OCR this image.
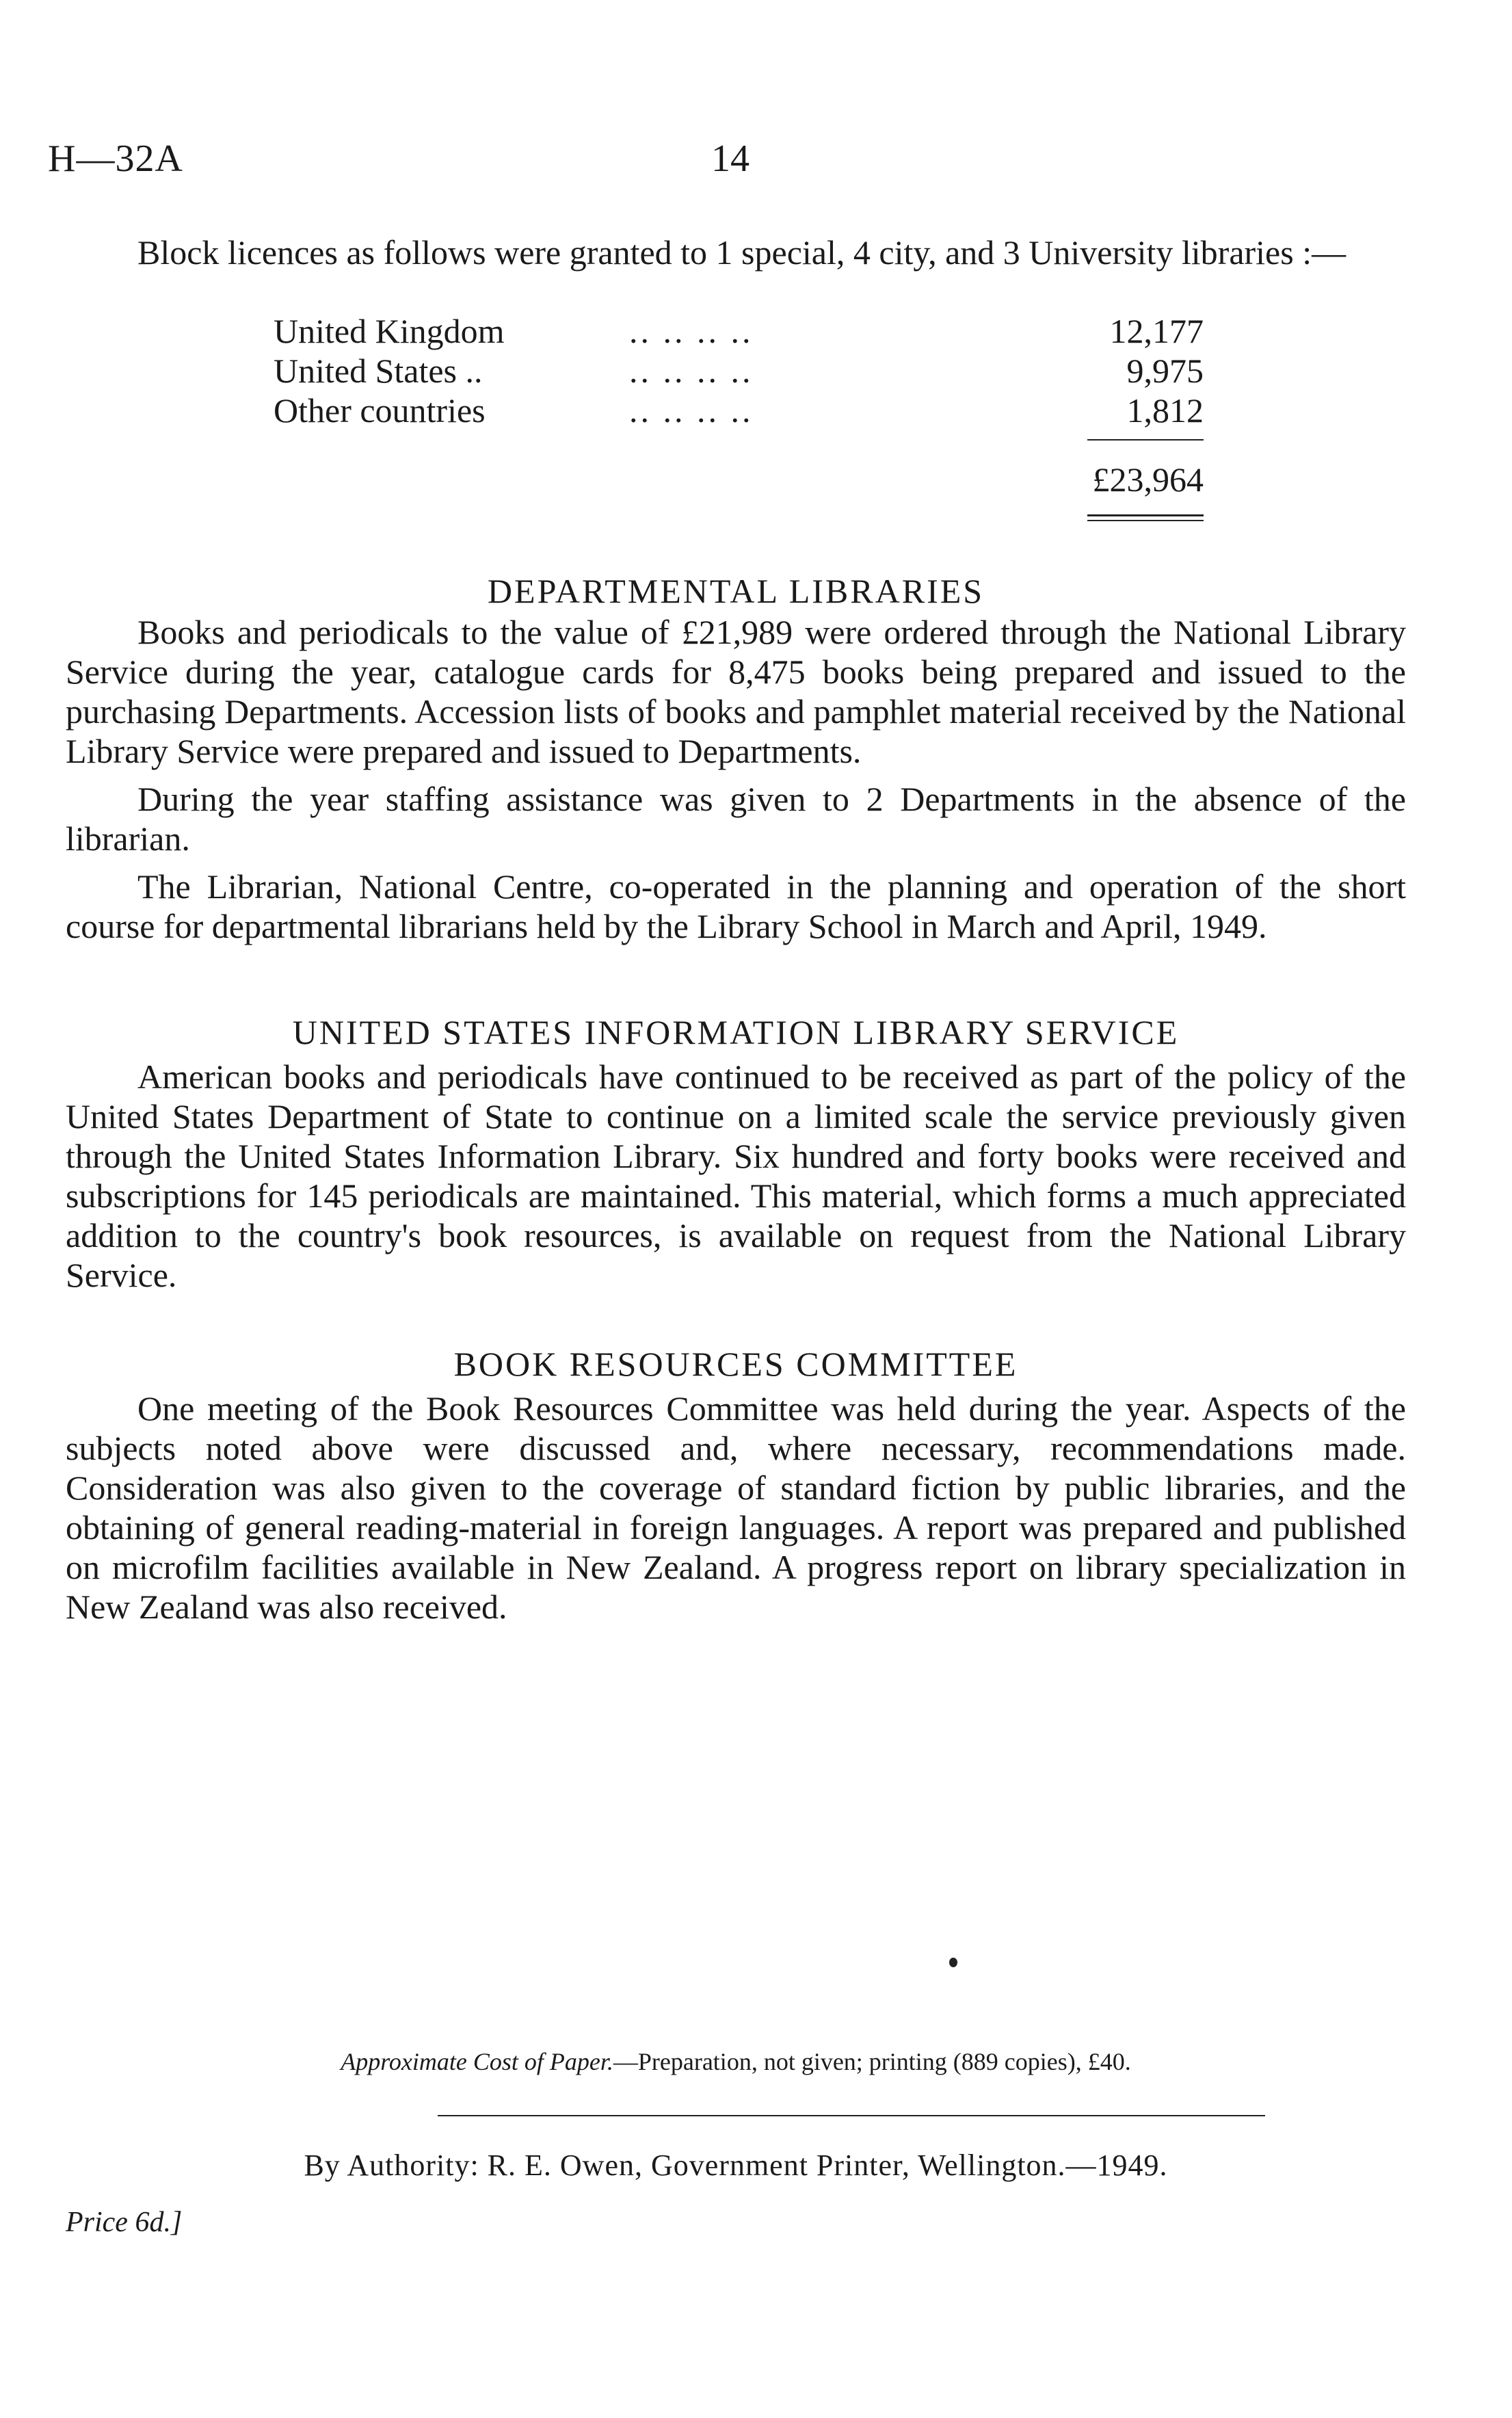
H—32A	14

Block licences as follows were granted to 1 special, 4 city, and 3 University libraries :—

United Kingdom	.. .. .. ..	12,177
United States ..	.. .. .. ..	9,975
Other countries	.. .. .. ..	1,812
£23,964
DEPARTMENTAL LIBRARIES

Books and periodicals to the value of £21,989 were ordered through the National Library Service during the year, catalogue cards for 8,475 books being prepared and issued to the purchasing Departments. Accession lists of books and pamphlet material received by the National Library Service were prepared and issued to Departments.

During the year staffing assistance was given to 2 Departments in the absence of the librarian.

The Librarian, National Centre, co-operated in the planning and operation of the short course for departmental librarians held by the Library School in March and April, 1949.

UNITED STATES INFORMATION LIBRARY SERVICE

American books and periodicals have continued to be received as part of the policy of the United States Department of State to continue on a limited scale the service previously given through the United States Information Library. Six hundred and forty books were received and subscriptions for 145 periodicals are maintained. This material, which forms a much appreciated addition to the country's book resources, is available on request from the National Library Service.

BOOK RESOURCES COMMITTEE

One meeting of the Book Resources Committee was held during the year. Aspects of the subjects noted above were discussed and, where necessary, recommendations made. Consideration was also given to the coverage of standard fiction by public libraries, and the obtaining of general reading-material in foreign languages. A report was prepared and published on microfilm facilities available in New Zealand. A progress report on library specialization in New Zealand was also received.

Approximate Cost of Paper.—Preparation, not given; printing (889 copies), £40.
By Authority: R. E. Owen, Government Printer, Wellington.—1949.
Price 6d.]
